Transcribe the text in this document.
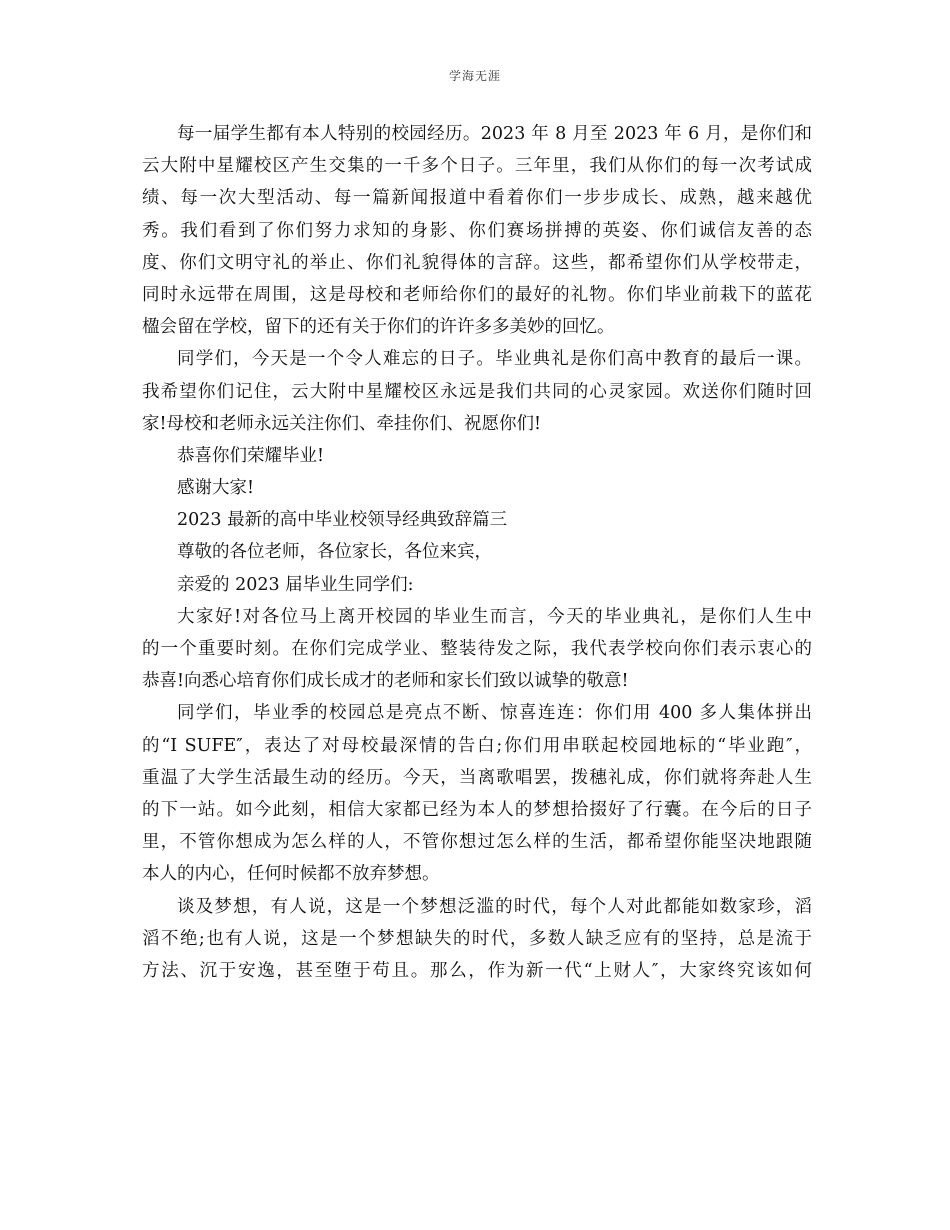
学海无涯
每一届学生都有本人特别的校园经历。2023 年 8 月至 2023 年 6 月，是你们和
云大附中星耀校区产生交集的一千多个日子。三年里，我们从你们的每一次考试成
绩、每一次大型活动、每一篇新闻报道中看着你们一步步成长、成熟，越来越优
秀。我们看到了你们努力求知的身影、你们赛场拼搏的英姿、你们诚信友善的态
度、你们文明守礼的举止、你们礼貌得体的言辞。这些，都希望你们从学校带走，
同时永远带在周围，这是母校和老师给你们的最好的礼物。你们毕业前栽下的蓝花
楹会留在学校，留下的还有关于你们的许许多多美妙的回忆。
同学们，今天是一个令人难忘的日子。毕业典礼是你们高中教育的最后一课。
我希望你们记住，云大附中星耀校区永远是我们共同的心灵家园。欢送你们随时回
家!母校和老师永远关注你们、牵挂你们、祝愿你们!
恭喜你们荣耀毕业!
感谢大家!
2023 最新的高中毕业校领导经典致辞篇三
尊敬的各位老师，各位家长，各位来宾，
亲爱的 2023 届毕业生同学们:
大家好!对各位马上离开校园的毕业生而言，今天的毕业典礼，是你们人生中
的一个重要时刻。在你们完成学业、整装待发之际，我代表学校向你们表示衷心的
恭喜!向悉心培育你们成长成才的老师和家长们致以诚挚的敬意!
同学们，毕业季的校园总是亮点不断、惊喜连连：你们用 400 多人集体拼出
的“I SUFE″，表达了对母校最深情的告白;你们用串联起校园地标的“毕业跑″，
重温了大学生活最生动的经历。今天，当离歌唱罢，拨穗礼成，你们就将奔赴人生
的下一站。如今此刻，相信大家都已经为本人的梦想拾掇好了行囊。在今后的日子
里，不管你想成为怎么样的人，不管你想过怎么样的生活，都希望你能坚决地跟随
本人的内心，任何时候都不放弃梦想。
谈及梦想，有人说，这是一个梦想泛滥的时代，每个人对此都能如数家珍，滔
滔不绝;也有人说，这是一个梦想缺失的时代，多数人缺乏应有的坚持，总是流于
方法、沉于安逸，甚至堕于苟且。那么，作为新一代“上财人″，大家终究该如何
